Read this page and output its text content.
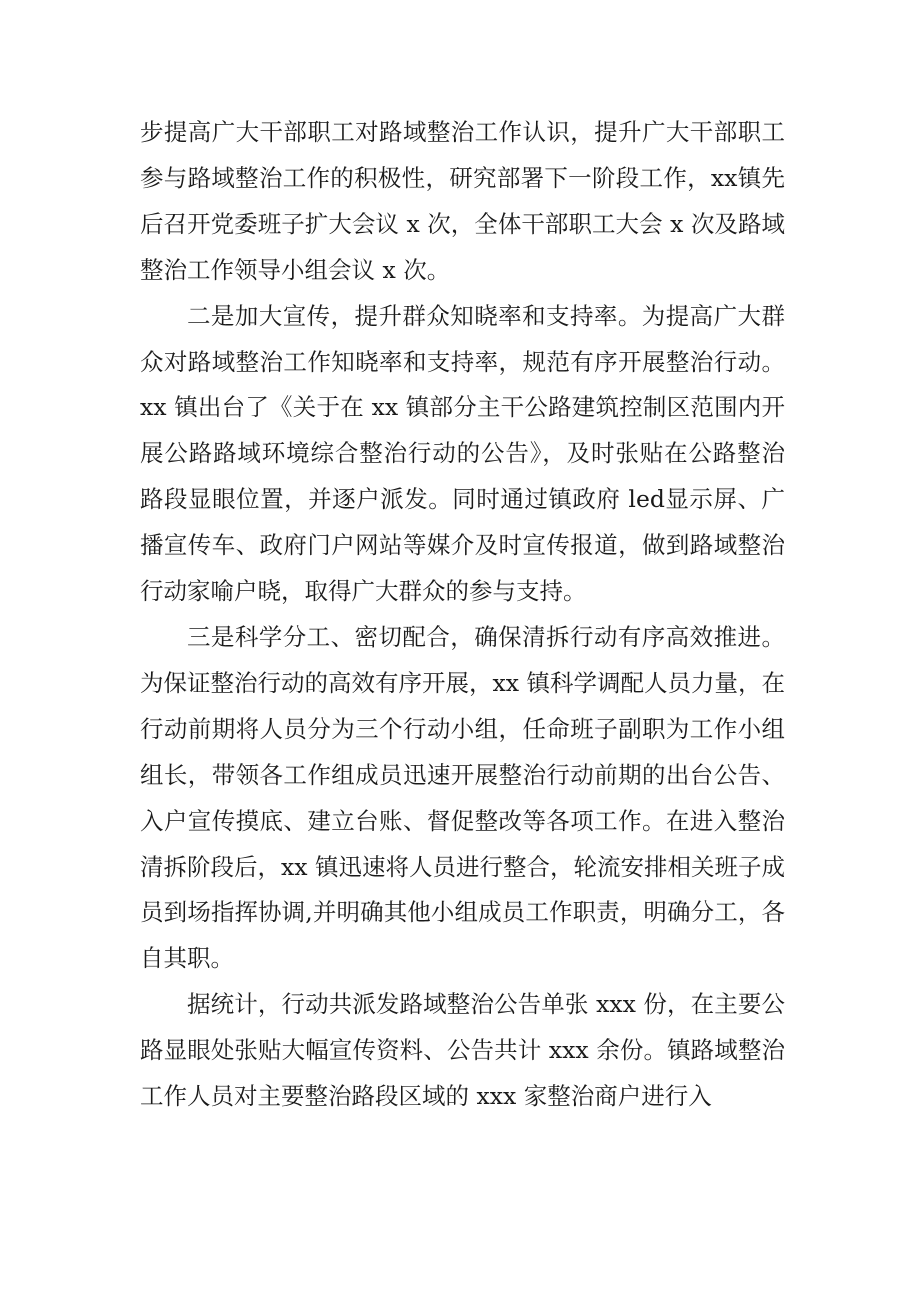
步提高广大干部职工对路域整治工作认识，提升广大干部职工参与路域整治工作的积极性，研究部署下一阶段工作，xx镇先后召开党委班子扩大会议 x 次，全体干部职工大会 x 次及路域整治工作领导小组会议 x 次。

二是加大宣传，提升群众知晓率和支持率。为提高广大群众对路域整治工作知晓率和支持率，规范有序开展整治行动。xx 镇出台了《关于在 xx 镇部分主干公路建筑控制区范围内开展公路路域环境综合整治行动的公告》，及时张贴在公路整治路段显眼位置，并逐户派发。同时通过镇政府 led显示屏、广播宣传车、政府门户网站等媒介及时宣传报道，做到路域整治行动家喻户晓，取得广大群众的参与支持。

三是科学分工、密切配合，确保清拆行动有序高效推进。为保证整治行动的高效有序开展，xx 镇科学调配人员力量，在行动前期将人员分为三个行动小组，任命班子副职为工作小组组长，带领各工作组成员迅速开展整治行动前期的出台公告、入户宣传摸底、建立台账、督促整改等各项工作。在进入整治清拆阶段后，xx 镇迅速将人员进行整合，轮流安排相关班子成员到场指挥协调,并明确其他小组成员工作职责，明确分工，各自其职。

据统计，行动共派发路域整治公告单张 xxx 份，在主要公路显眼处张贴大幅宣传资料、公告共计 xxx 余份。镇路域整治工作人员对主要整治路段区域的 xxx 家整治商户进行入
